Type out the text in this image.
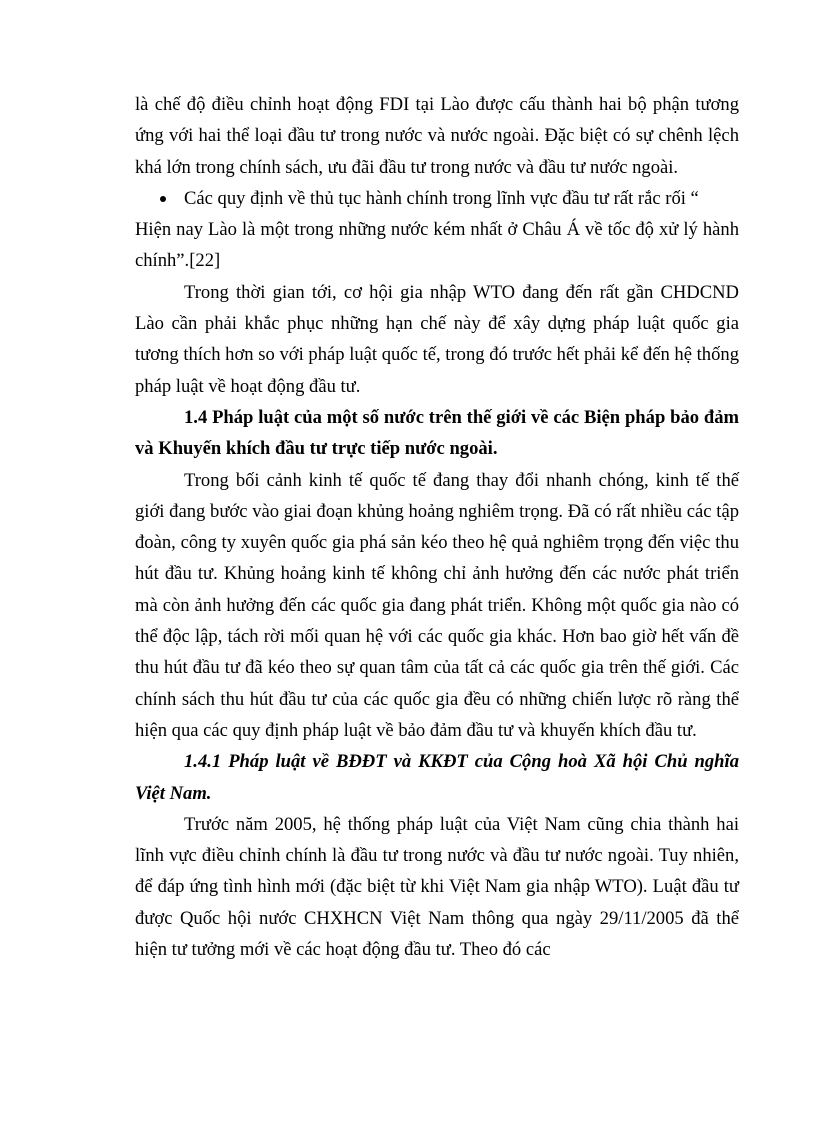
là chế độ điều chỉnh hoạt động FDI tại Lào được cấu thành hai bộ phận tương ứng với hai thể loại đầu tư trong nước và nước ngoài. Đặc biệt có sự chênh lệch khá lớn trong chính sách, ưu đãi đầu tư trong nước và đầu tư nước ngoài.

Các quy định về thủ tục hành chính trong lĩnh vực đầu tư rất rắc rối “

Hiện nay Lào là một trong những nước kém nhất ở Châu Á về tốc độ xử lý hành chính”.[22]

Trong thời gian tới, cơ hội gia nhập WTO đang đến rất gần CHDCND Lào cần phải khắc phục những hạn chế này để xây dựng pháp luật quốc gia tương thích hơn so với pháp luật quốc tế, trong đó trước hết phải kể đến hệ thống pháp luật về hoạt động đầu tư.

1.4 Pháp luật của một số nước trên thế giới về các Biện pháp bảo đảm và Khuyến khích đầu tư trực tiếp nước ngoài.

Trong bối cảnh kinh tế quốc tế đang thay đổi nhanh chóng, kinh tế thế giới đang bước vào giai đoạn khủng hoảng nghiêm trọng. Đã có rất nhiều các tập đoàn, công ty xuyên quốc gia phá sản kéo theo hệ quả nghiêm trọng đến việc thu hút đầu tư. Khủng hoảng kinh tế không chỉ ảnh hưởng đến các nước phát triển mà còn ảnh hưởng đến các quốc gia đang phát triển. Không một quốc gia nào có thể độc lập, tách rời mối quan hệ với các quốc gia khác. Hơn bao giờ hết vấn đề thu hút đầu tư đã kéo theo sự quan tâm của tất cả các quốc gia trên thế giới. Các chính sách thu hút đầu tư của các quốc gia đều có những chiến lược rõ ràng thể hiện qua các quy định pháp luật về bảo đảm đầu tư và khuyến khích đầu tư.

1.4.1 Pháp luật về BĐĐT và KKĐT của Cộng hoà Xã hội Chủ nghĩa Việt Nam.

Trước năm 2005, hệ thống pháp luật của Việt Nam cũng chia thành hai lĩnh vực điều chỉnh chính là đầu tư trong nước và đầu tư nước ngoài. Tuy nhiên, để đáp ứng tình hình mới (đặc biệt từ khi Việt Nam gia nhập WTO). Luật đầu tư được Quốc hội nước CHXHCN Việt Nam thông qua ngày 29/11/2005 đã thể hiện tư tưởng mới về các hoạt động đầu tư. Theo đó các
